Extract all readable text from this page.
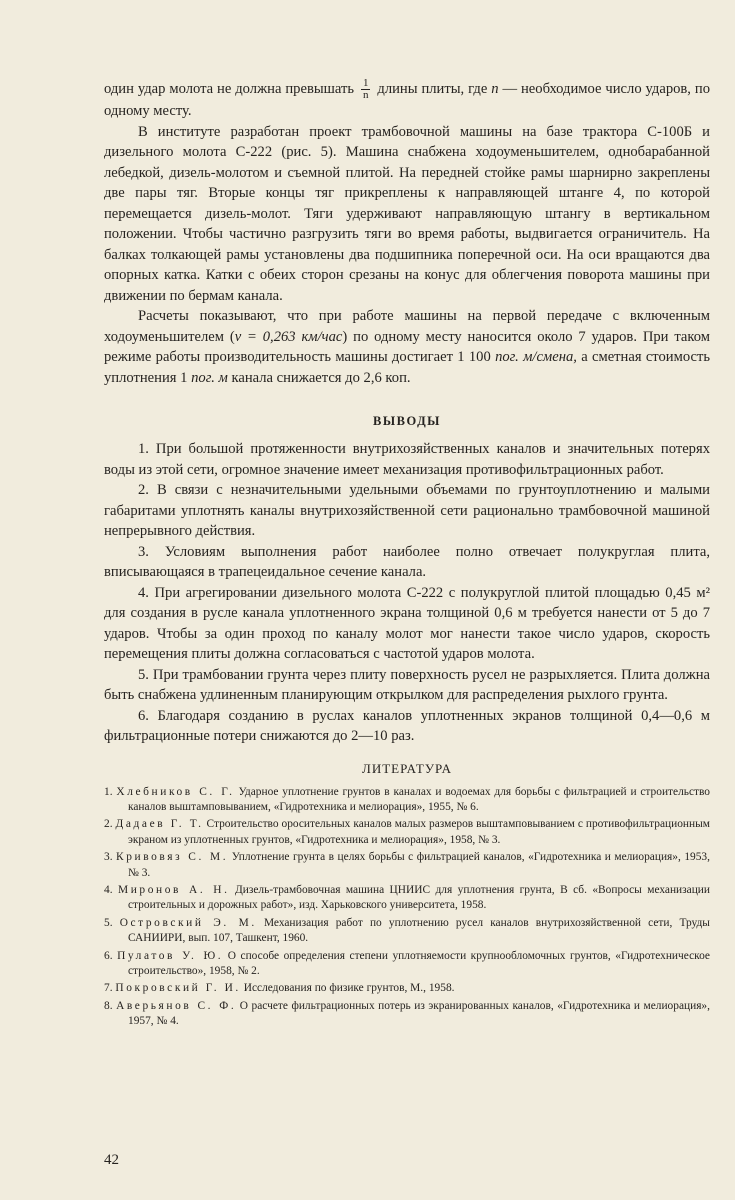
один удар молота не должна превышать $\frac{1}{n}$ длины плиты, где n — необходимое число ударов, по одному месту.

В институте разработан проект трамбовочной машины на базе трактора С-100Б и дизельного молота С-222 (рис. 5). Машина снабжена ходоуменьшителем, однобарабанной лебедкой, дизель-молотом и съемной плитой. На передней стойке рамы шарнирно закреплены две пары тяг. Вторые концы тяг прикреплены к направляющей штанге 4, по которой перемещается дизель-молот. Тяги удерживают направляющую штангу в вертикальном положении. Чтобы частично разгрузить тяги во время работы, выдвигается ограничитель. На балках толкающей рамы установлены два подшипника поперечной оси. На оси вращаются два опорных катка. Катки с обеих сторон срезаны на конус для облегчения поворота машины при движении по бермам канала.

Расчеты показывают, что при работе машины на первой передаче с включенным ходоуменьшителем (v = 0,263 км/час) по одному месту наносится около 7 ударов. При таком режиме работы производительность машины достигает 1 100 пог. м/смена, а сметная стоимость уплотнения 1 пог. м канала снижается до 2,6 коп.

ВЫВОДЫ

1. При большой протяженности внутрихозяйственных каналов и значительных потерях воды из этой сети, огромное значение имеет механизация противофильтрационных работ.

2. В связи с незначительными удельными объемами по грунтоуплотнению и малыми габаритами уплотнять каналы внутрихозяйственной сети рационально трамбовочной машиной непрерывного действия.

3. Условиям выполнения работ наиболее полно отвечает полукруглая плита, вписывающаяся в трапецеидальное сечение канала.

4. При агрегировании дизельного молота С-222 с полукруглой плитой площадью 0,45 м² для создания в русле канала уплотненного экрана толщиной 0,6 м требуется нанести от 5 до 7 ударов. Чтобы за один проход по каналу молот мог нанести такое число ударов, скорость перемещения плиты должна согласоваться с частотой ударов молота.

5. При трамбовании грунта через плиту поверхность русел не разрыхляется. Плита должна быть снабжена удлиненным планирующим открылком для распределения рыхлого грунта.

6. Благодаря созданию в руслах каналов уплотненных экранов толщиной 0,4—0,6 м фильтрационные потери снижаются до 2—10 раз.

ЛИТЕРАТУРА
1. Хлебников С. Г. Ударное уплотнение грунтов в каналах и водоемах для борьбы с фильтрацией и строительство каналов выштамповыванием, «Гидротехника и мелиорация», 1955, № 6.
2. Дадаев Г. Т. Строительство оросительных каналов малых размеров выштамповыванием с противофильтрационным экраном из уплотненных грунтов, «Гидротехника и мелиорация», 1958, № 3.
3. Кривовяз С. М. Уплотнение грунта в целях борьбы с фильтрацией каналов, «Гидротехника и мелиорация», 1953, № 3.
4. Миронов А. Н. Дизель-трамбовочная машина ЦНИИС для уплотнения грунта, В сб. «Вопросы механизации строительных и дорожных работ», изд. Харьковского университета, 1958.
5. Островский Э. М. Механизация работ по уплотнению русел каналов внутрихозяйственной сети, Труды САНИИРИ, вып. 107, Ташкент, 1960.
6. Пулатов У. Ю. О способе определения степени уплотняемости крупнообломочных грунтов, «Гидротехническое строительство», 1958, № 2.
7. Покровский Г. И. Исследования по физике грунтов, М., 1958.
8. Аверьянов С. Ф. О расчете фильтрационных потерь из экранированных каналов, «Гидротехника и мелиорация», 1957, № 4.
42
